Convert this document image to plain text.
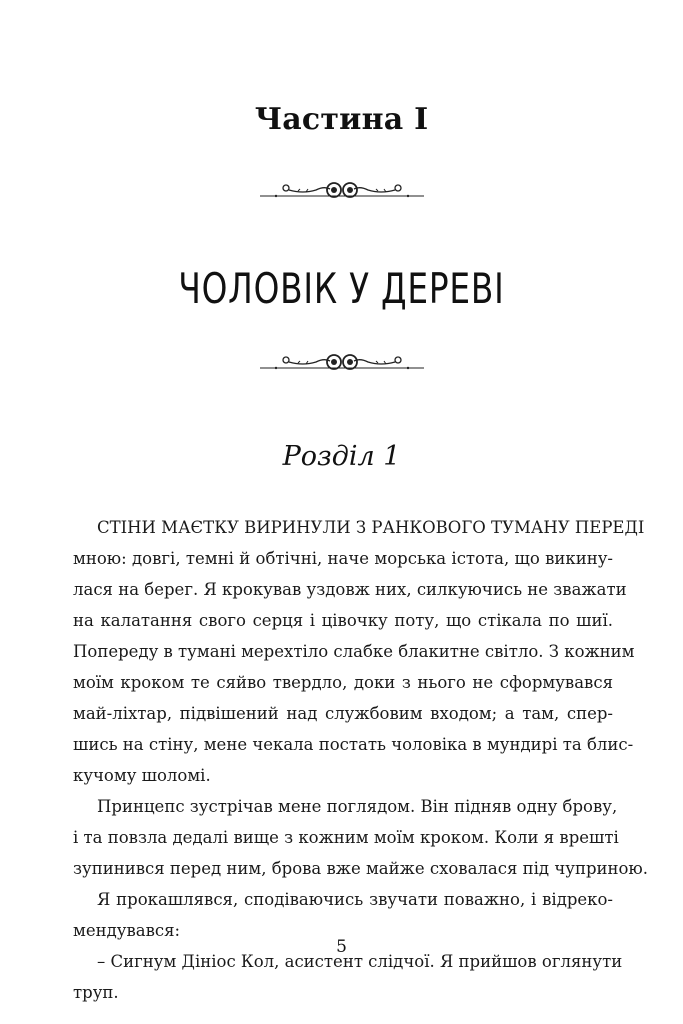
Частина I
ЧОЛОВІК У ДЕРЕВІ
Розділ 1
СТІНИ МАЄТКУ ВИРИНУЛИ З РАНКОВОГО ТУМАНУ ПЕРЕДІ
мною: довгі, темні й обтічні, наче морська істота, що викину-
лася на берег. Я крокував уздовж них, силкуючись не зважати
на калатання свого серця і цівочку поту, що стікала по шиї.
Попереду в тумані мерехтіло слабке блакитне світло. З кожним
моїм кроком те сяйво твердло, доки з нього не сформувався
май-ліхтар, підвішений над службовим входом; а там, спер-
шись на стіну, мене чекала постать чоловіка в мундирі та блис-
кучому шоломі.
Принцепс зустрічав мене поглядом. Він підняв одну брову,
і та повзла дедалі вище з кожним моїм кроком. Коли я врешті
зупинився перед ним, брова вже майже сховалася під чуприною.
Я прокашлявся, сподіваючись звучати поважно, і відреко-
мендувався:
– Сигнум Дініос Кол, асистент слідчої. Я прийшов оглянути
труп.
5
